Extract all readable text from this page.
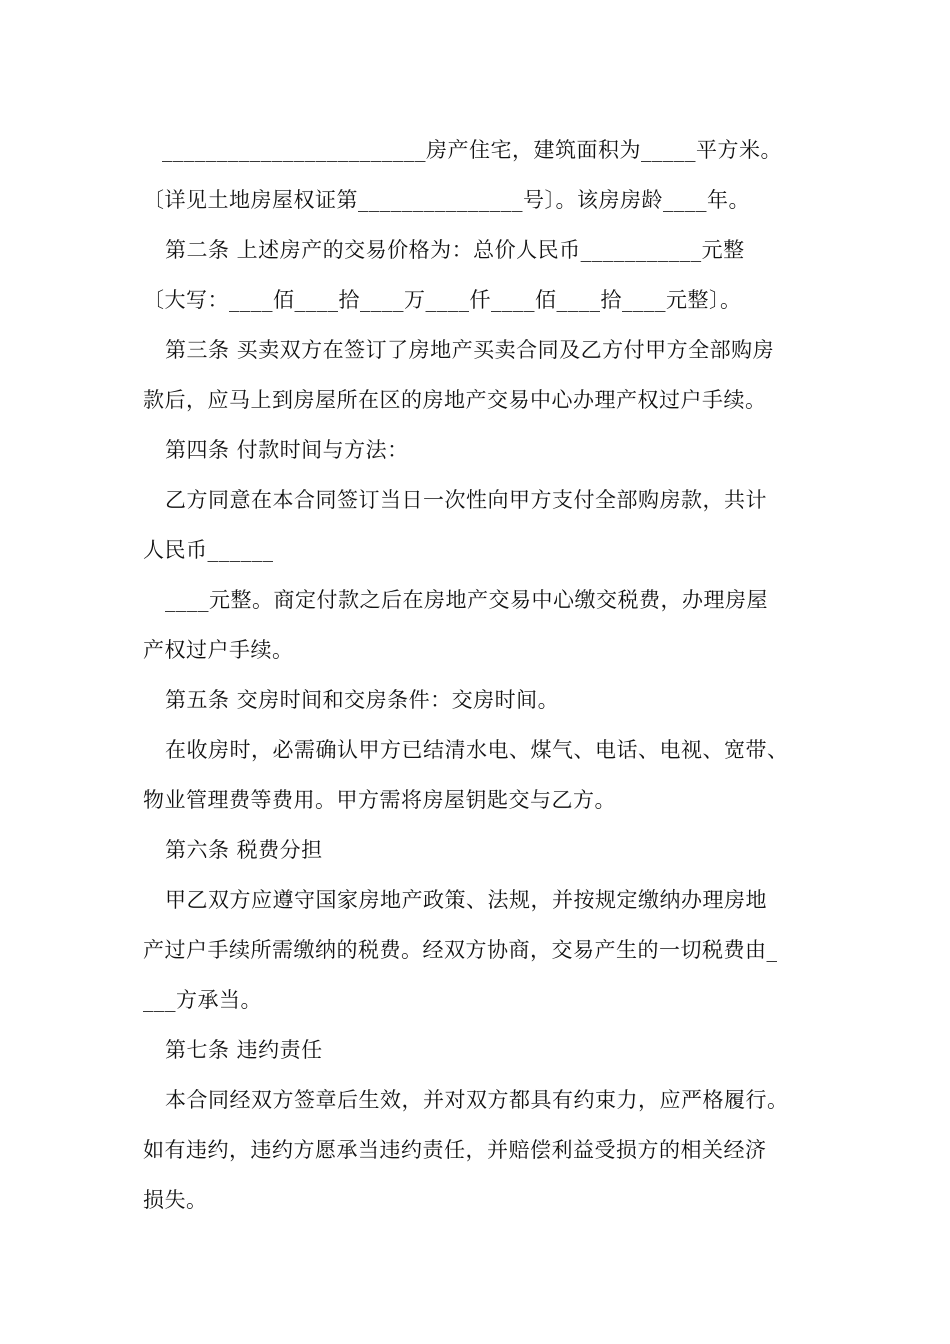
________________________房产住宅，建筑面积为_____平方米。
〔详见土地房屋权证第_______________号〕。该房房龄____年。
第二条 上述房产的交易价格为：总价人民币___________元整
〔大写：____佰____拾____万____仟____佰____拾____元整〕。
第三条 买卖双方在签订了房地产买卖合同及乙方付甲方全部购房
款后，应马上到房屋所在区的房地产交易中心办理产权过户手续。
第四条 付款时间与方法：
乙方同意在本合同签订当日一次性向甲方支付全部购房款，共计
人民币______
____元整。商定付款之后在房地产交易中心缴交税费，办理房屋
产权过户手续。
第五条 交房时间和交房条件：交房时间。
在收房时，必需确认甲方已结清水电、煤气、电话、电视、宽带、
物业管理费等费用。甲方需将房屋钥匙交与乙方。
第六条 税费分担
甲乙双方应遵守国家房地产政策、法规，并按规定缴纳办理房地
产过户手续所需缴纳的税费。经双方协商，交易产生的一切税费由_
___方承当。
第七条 违约责任
本合同经双方签章后生效，并对双方都具有约束力，应严格履行。
如有违约，违约方愿承当违约责任，并赔偿利益受损方的相关经济
损失。
